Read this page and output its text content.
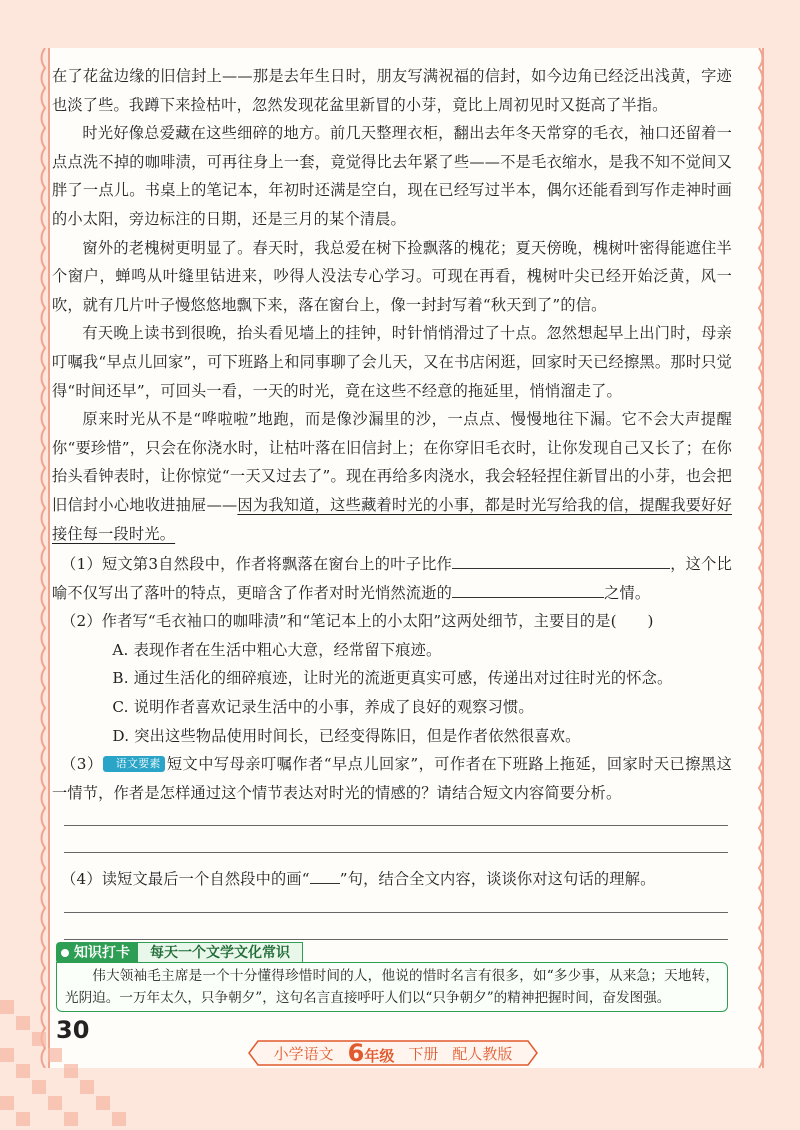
在了花盆边缘的旧信封上——那是去年生日时，朋友写满祝福的信封，如今边角已经泛出浅黄，字迹也淡了些。我蹲下来捡枯叶，忽然发现花盆里新冒的小芽，竟比上周初见时又挺高了半指。

时光好像总爱藏在这些细碎的地方。前几天整理衣柜，翻出去年冬天常穿的毛衣，袖口还留着一点点洗不掉的咖啡渍，可再往身上一套，竟觉得比去年紧了些——不是毛衣缩水，是我不知不觉间又胖了一点儿。书桌上的笔记本，年初时还满是空白，现在已经写过半本，偶尔还能看到写作走神时画的小太阳，旁边标注的日期，还是三月的某个清晨。

窗外的老槐树更明显了。春天时，我总爱在树下捡飘落的槐花；夏天傍晚，槐树叶密得能遮住半个窗户，蝉鸣从叶缝里钻进来，吵得人没法专心学习。可现在再看，槐树叶尖已经开始泛黄，风一吹，就有几片叶子慢悠悠地飘下来，落在窗台上，像一封封写着“秋天到了”的信。

有天晚上读书到很晚，抬头看见墙上的挂钟，时针悄悄滑过了十点。忽然想起早上出门时，母亲叮嘱我“早点儿回家”，可下班路上和同事聊了会儿天，又在书店闲逛，回家时天已经擦黑。那时只觉得“时间还早”，可回头一看，一天的时光，竟在这些不经意的拖延里，悄悄溜走了。

原来时光从不是“哗啦啦”地跑，而是像沙漏里的沙，一点点、慢慢地往下漏。它不会大声提醒你“要珍惜”，只会在你浇水时，让枯叶落在旧信封上；在你穿旧毛衣时，让你发现自己又长了；在你抬头看钟表时，让你惊觉“一天又过去了”。现在再给多肉浇水，我会轻轻捏住新冒出的小芽，也会把旧信封小心地收进抽屉——因为我知道，这些藏着时光的小事，都是时光写给我的信，提醒我要好好接住每一段时光。

（1）短文第3自然段中，作者将飘落在窗台上的叶子比作	，这个比喻不仅写出了落叶的特点，更暗含了作者对时光悄然流逝的	之情。

（2）作者写“毛衣袖口的咖啡渍”和“笔记本上的小太阳”这两处细节，主要目的是(　　)

A. 表现作者在生活中粗心大意，经常留下痕迹。

B. 通过生活化的细碎痕迹，让时光的流逝更真实可感，传递出对过往时光的怀念。

C. 说明作者喜欢记录生活中的小事，养成了良好的观察习惯。

D. 突出这些物品使用时间长，已经变得陈旧，但是作者依然很喜欢。

（3） 语文要素 短文中写母亲叮嘱作者“早点儿回家”，可作者在下班路上拖延，回家时天已擦黑这一情节，作者是怎样通过这个情节表达对时光的情感的？请结合短文内容简要分析。

（4）读短文最后一个自然段中的画“ ”句，结合全文内容，谈谈你对这句话的理解。

知识打卡	每天一个文学文化常识
伟大领袖毛主席是一个十分懂得珍惜时间的人，他说的惜时名言有很多，如“多少事，从来急；天地转，光阴迫。一万年太久，只争朝夕”，这句名言直接呼吁人们以“只争朝夕”的精神把握时间，奋发图强。
30
小学语文 6年级 下册 配人教版
